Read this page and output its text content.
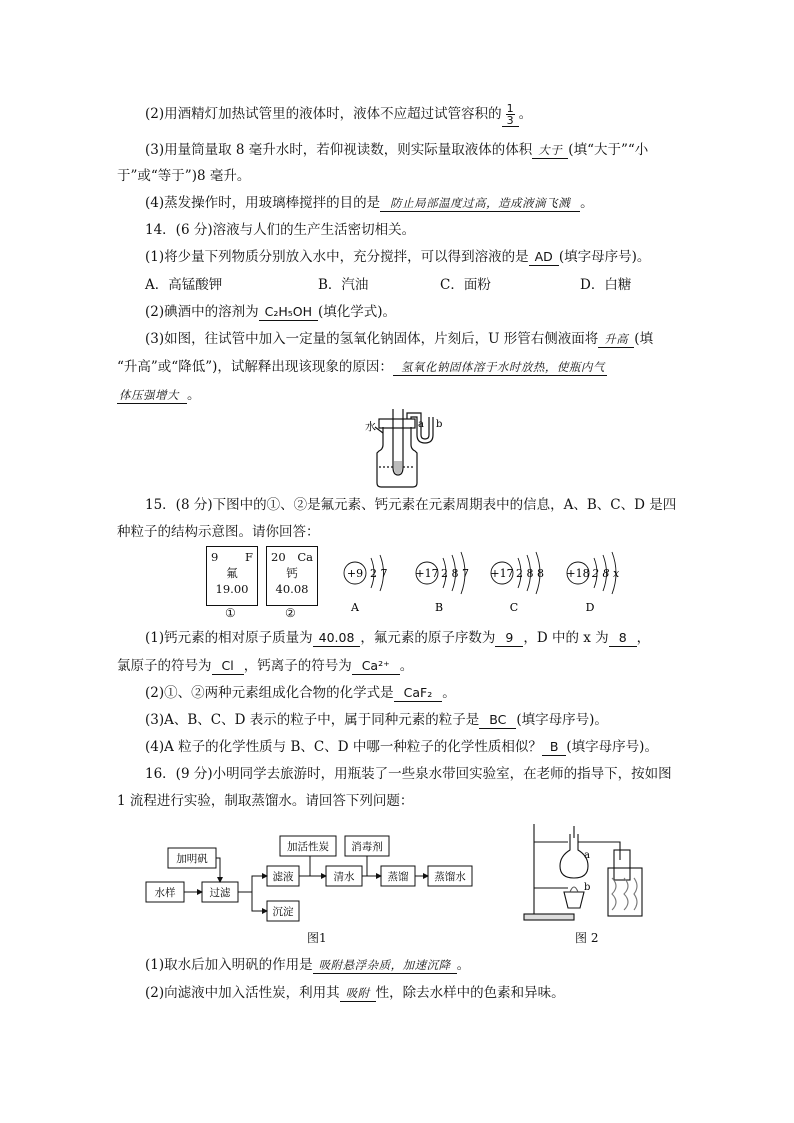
(2)用酒精灯加热试管里的液体时，液体不应超过试管容积的 $\frac{1}{3}$ 。
(3)用量筒量取 8 毫升水时，若仰视读数，则实际量取液体的体积 大于 (填“大于”“小
于”或“等于”)8 毫升。
(4)蒸发操作时，用玻璃棒搅拌的目的是 防止局部温度过高，造成液滴飞溅 。
14．(6 分)溶液与人们的生产生活密切相关。
(1)将少量下列物质分别放入水中，充分搅拌，可以得到溶液的是 AD (填字母序号)。
A．高锰酸钾	B．汽油	C．面粉	D．白糖
(2)碘酒中的溶剂为 C₂H₅OH (填化学式)。
(3)如图，往试管中加入一定量的氢氧化钠固体，片刻后，U 形管右侧液面将 升高 (填
“升高”或“降低”)，试解释出现该现象的原因： 氢氧化钠固体溶于水时放热，使瓶内气
体压强增大 。
水	a b
15．(8 分)下图中的①、②是氟元素、钙元素在元素周期表中的信息，A、B、C、D 是四
种粒子的结构示意图。请你回答：
9 F
氟
19.00
①
20 Ca
钙
40.08
②
+9 2 7
A
+17 2 8 7
B
+17 2 8 8
C
+18 2 8 x
D
(1)钙元素的相对原子质量为 40.08 ，氟元素的原子序数为 9 ，D 中的 x 为 8 ，
氯原子的符号为 Cl ，钙离子的符号为 Ca²⁺ 。
(2)①、②两种元素组成化合物的化学式是 CaF₂ 。
(3)A、B、C、D 表示的粒子中，属于同种元素的粒子是 BC (填字母序号)。
(4)A 粒子的化学性质与 B、C、D 中哪一种粒子的化学性质相似？ B (填字母序号)。
16．(9 分)小明同学去旅游时，用瓶装了一些泉水带回实验室，在老师的指导下，按如图
1 流程进行实验，制取蒸馏水。请回答下列问题：
加明矾
水样	过滤
滤液
沉淀
加活性炭
清水
消毒剂
蒸馏 蒸馏水
图1
a
b
图 2
(1)取水后加入明矾的作用是 吸附悬浮杂质，加速沉降 。
(2)向滤液中加入活性炭，利用其 吸附 性，除去水样中的色素和异味。
